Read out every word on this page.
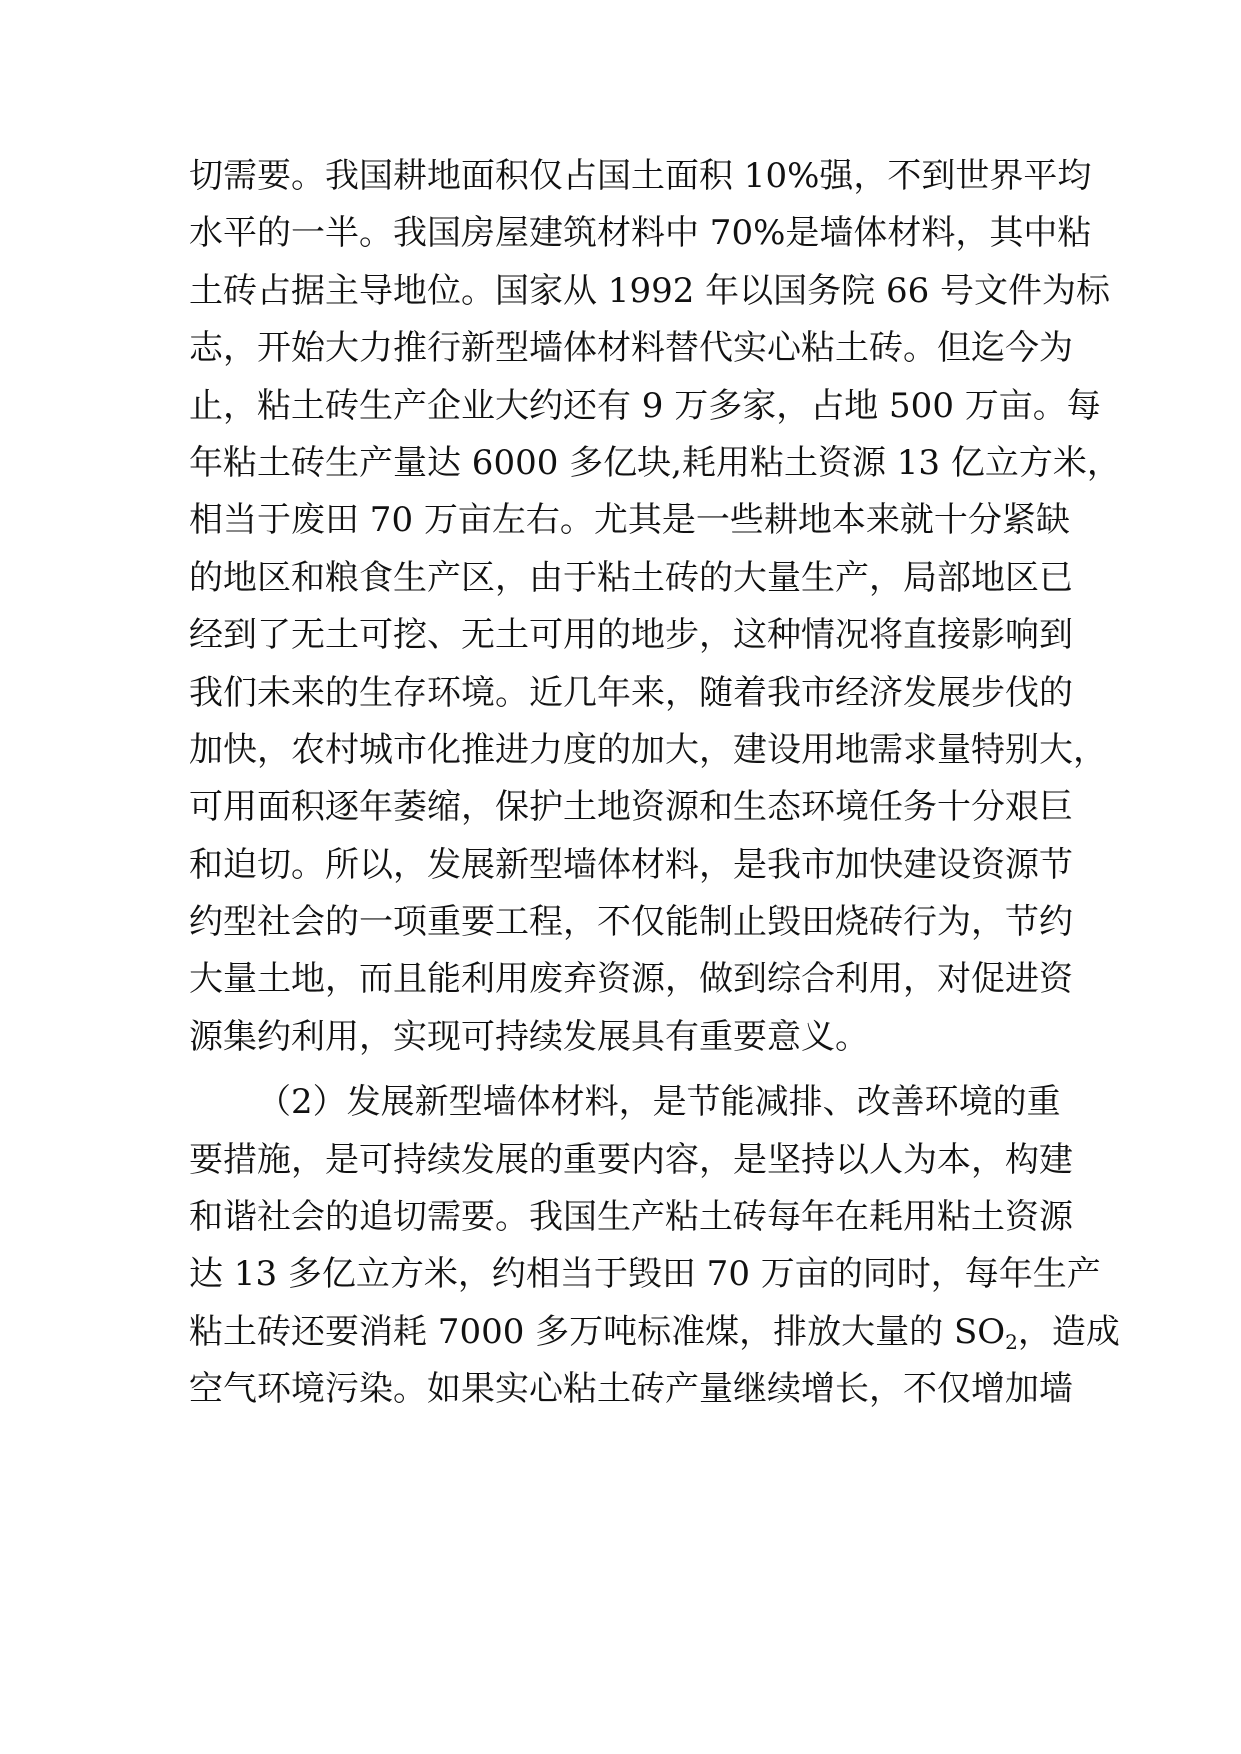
切需要。我国耕地面积仅占国土面积 10%强，不到世界平均
水平的一半。我国房屋建筑材料中 70%是墙体材料，其中粘
土砖占据主导地位。国家从 1992 年以国务院 66 号文件为标
志，开始大力推行新型墙体材料替代实心粘土砖。但迄今为
止，粘土砖生产企业大约还有 9 万多家，占地 500 万亩。每
年粘土砖生产量达 6000 多亿块,耗用粘土资源 13 亿立方米，
相当于废田 70 万亩左右。尤其是一些耕地本来就十分紧缺
的地区和粮食生产区，由于粘土砖的大量生产，局部地区已
经到了无土可挖、无土可用的地步，这种情况将直接影响到
我们未来的生存环境。近几年来，随着我市经济发展步伐的
加快，农村城市化推进力度的加大，建设用地需求量特别大，
可用面积逐年萎缩，保护土地资源和生态环境任务十分艰巨
和迫切。所以，发展新型墙体材料，是我市加快建设资源节
约型社会的一项重要工程，不仅能制止毁田烧砖行为，节约
大量土地，而且能利用废弃资源，做到综合利用，对促进资
源集约利用，实现可持续发展具有重要意义。
（2）发展新型墙体材料，是节能减排、改善环境的重
要措施，是可持续发展的重要内容，是坚持以人为本，构建
和谐社会的追切需要。我国生产粘土砖每年在耗用粘土资源
达 13 多亿立方米，约相当于毁田 70 万亩的同时，每年生产
粘土砖还要消耗 7000 多万吨标准煤，排放大量的 $SO_2$，造成
空气环境污染。如果实心粘土砖产量继续增长，不仅增加墙
